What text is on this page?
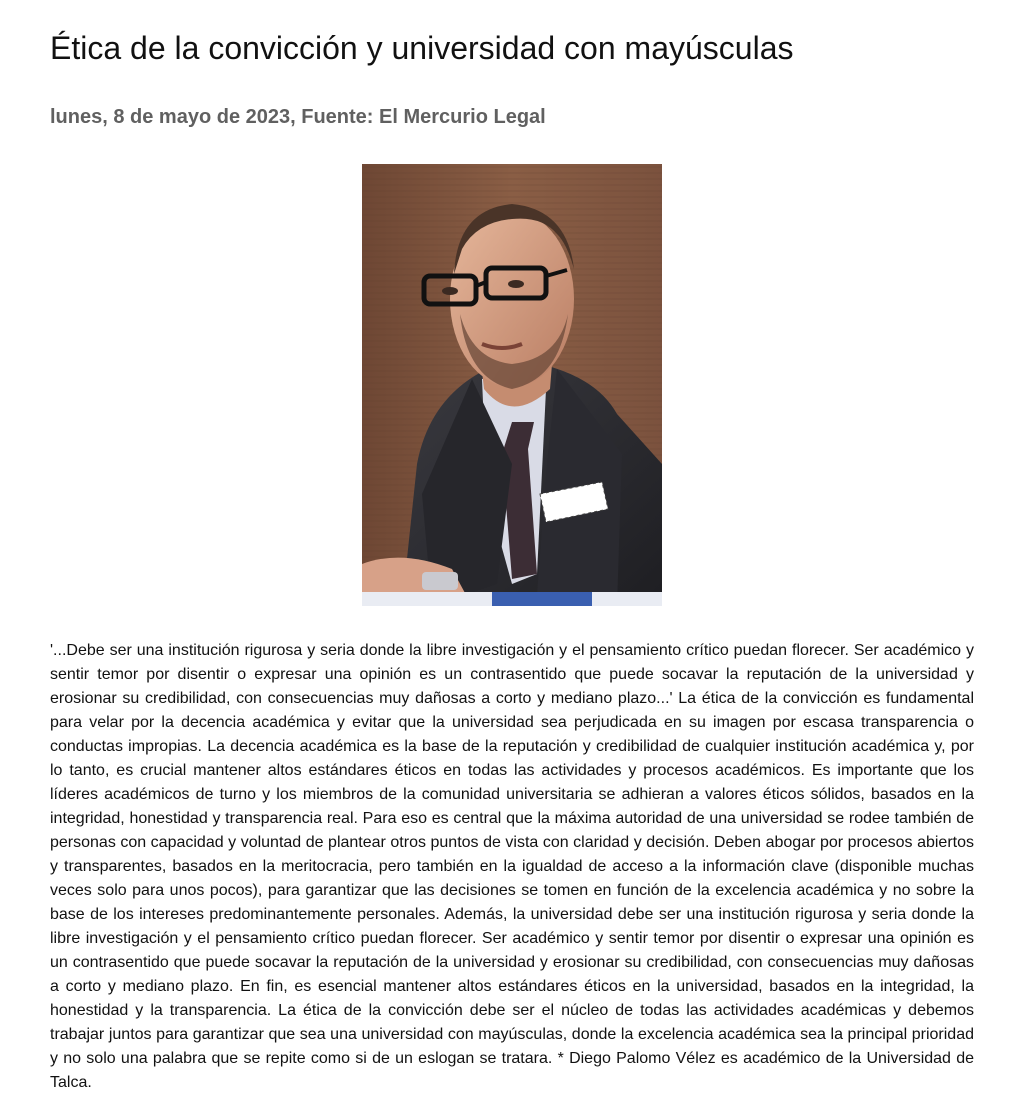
Ética de la convicción y universidad con mayúsculas
lunes, 8 de mayo de 2023, Fuente: El Mercurio Legal

'...Debe ser una institución rigurosa y seria donde la libre investigación y el pensamiento crítico puedan florecer. Ser académico y sentir temor por disentir o expresar una opinión es un contrasentido que puede socavar la reputación de la universidad y erosionar su credibilidad, con consecuencias muy dañosas a corto y mediano plazo...' La ética de la convicción es fundamental para velar por la decencia académica y evitar que la universidad sea perjudicada en su imagen por escasa transparencia o conductas impropias. La decencia académica es la base de la reputación y credibilidad de cualquier institución académica y, por lo tanto, es crucial mantener altos estándares éticos en todas las actividades y procesos académicos. Es importante que los líderes académicos de turno y los miembros de la comunidad universitaria se adhieran a valores éticos sólidos, basados en la integridad, honestidad y transparencia real. Para eso es central que la máxima autoridad de una universidad se rodee también de personas con capacidad y voluntad de plantear otros puntos de vista con claridad y decisión. Deben abogar por procesos abiertos y transparentes, basados en la meritocracia, pero también en la igualdad de acceso a la información clave (disponible muchas veces solo para unos pocos), para garantizar que las decisiones se tomen en función de la excelencia académica y no sobre la base de los intereses predominantemente personales. Además, la universidad debe ser una institución rigurosa y seria donde la libre investigación y el pensamiento crítico puedan florecer. Ser académico y sentir temor por disentir o expresar una opinión es un contrasentido que puede socavar la reputación de la universidad y erosionar su credibilidad, con consecuencias muy dañosas a corto y mediano plazo. En fin, es esencial mantener altos estándares éticos en la universidad, basados en la integridad, la honestidad y la transparencia. La ética de la convicción debe ser el núcleo de todas las actividades académicas y debemos trabajar juntos para garantizar que sea una universidad con mayúsculas, donde la excelencia académica sea la principal prioridad y no solo una palabra que se repite como si de un eslogan se tratara. * Diego Palomo Vélez es académico de la Universidad de Talca.
